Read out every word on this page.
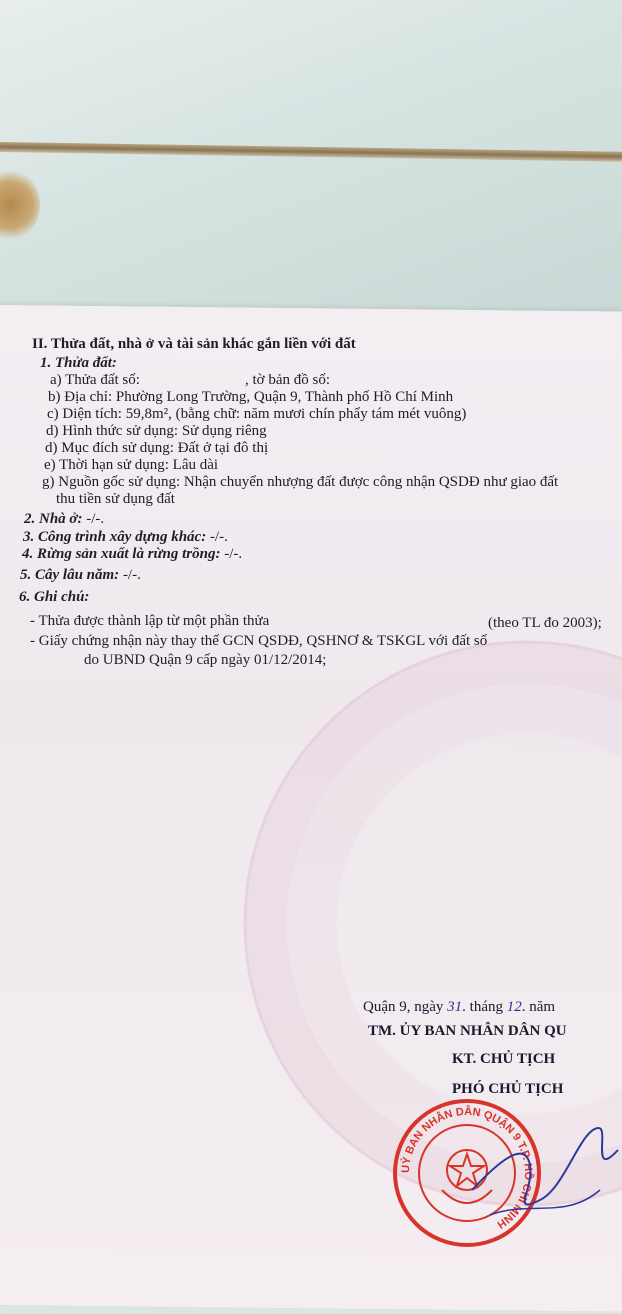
II. Thửa đất, nhà ở và tài sản khác gắn liền với đất
1. Thửa đất:
a) Thửa đất số:	, tờ bản đồ số:
b) Địa chỉ: Phường Long Trường, Quận 9, Thành phố Hồ Chí Minh
c) Diện tích: 59,8m², (bằng chữ: năm mươi chín phẩy tám mét vuông)
d) Hình thức sử dụng: Sử dụng riêng
d) Mục đích sử dụng: Đất ở tại đô thị
e) Thời hạn sử dụng: Lâu dài
g) Nguồn gốc sử dụng: Nhận chuyển nhượng đất được công nhận QSDĐ như giao đất
thu tiền sử dụng đất
2. Nhà ở: -/-.
3. Công trình xây dựng khác: -/-.
4. Rừng sản xuất là rừng trồng: -/-.
5. Cây lâu năm: -/-.
6. Ghi chú:
- Thửa được thành lập từ một phần thửa	(theo TL đo 2003);
- Giấy chứng nhận này thay thế GCN QSDĐ, QSHNƠ & TSKGL với đất số
do UBND Quận 9 cấp ngày 01/12/2014;
Quận 9, ngày 31. tháng 12. năm
TM. ỦY BAN NHÂN DÂN QU
KT. CHỦ TỊCH
PHÓ CHỦ TỊCH
UỶ BAN NHÂN DÂN QUẬN 9 T.P. HỒ CHÍ MINH
